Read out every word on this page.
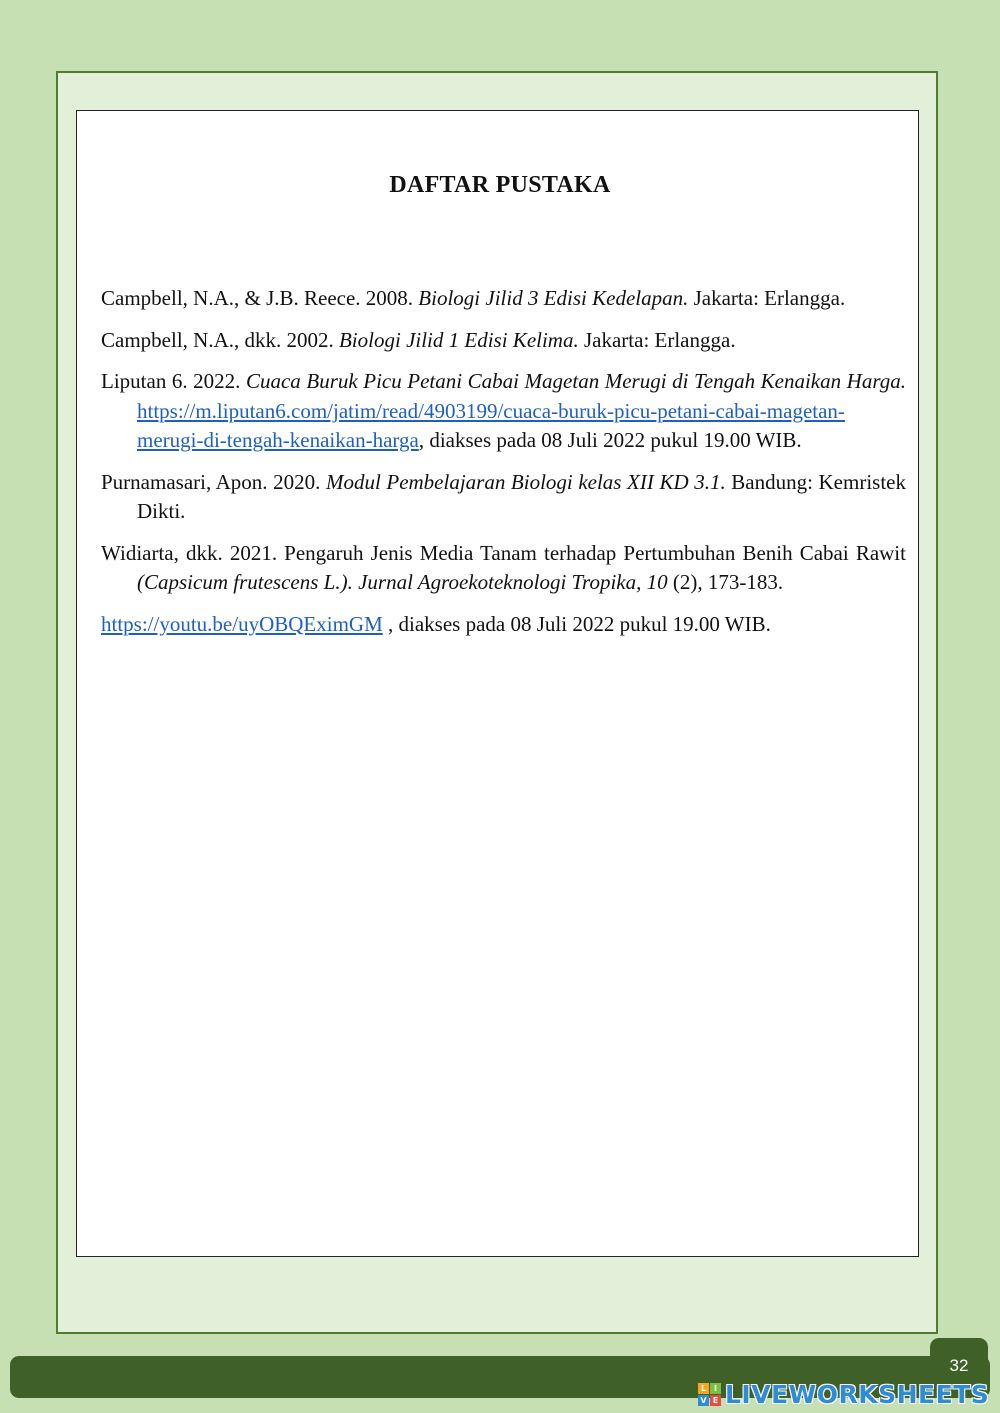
DAFTAR PUSTAKA

Campbell, N.A., & J.B. Reece. 2008. Biologi Jilid 3 Edisi Kedelapan. Jakarta: Erlangga.

Campbell, N.A., dkk. 2002. Biologi Jilid 1 Edisi Kelima. Jakarta: Erlangga.

Liputan 6. 2022. Cuaca Buruk Picu Petani Cabai Magetan Merugi di Tengah Kenaikan Harga. https://m.liputan6.com/jatim/read/4903199/cuaca-buruk-picu-petani-cabai-magetan-merugi-di-tengah-kenaikan-harga, diakses pada 08 Juli 2022 pukul 19.00 WIB.

Purnamasari, Apon. 2020. Modul Pembelajaran Biologi kelas XII KD 3.1. Bandung: Kemristek Dikti.

Widiarta, dkk. 2021. Pengaruh Jenis Media Tanam terhadap Pertumbuhan Benih Cabai Rawit (Capsicum frutescens L.). Jurnal Agroekoteknologi Tropika, 10 (2), 173-183.

https://youtu.be/uyOBQEximGM , diakses pada 08 Juli 2022 pukul 19.00 WIB.

32
L I
V E LIVEWORKSHEETS
